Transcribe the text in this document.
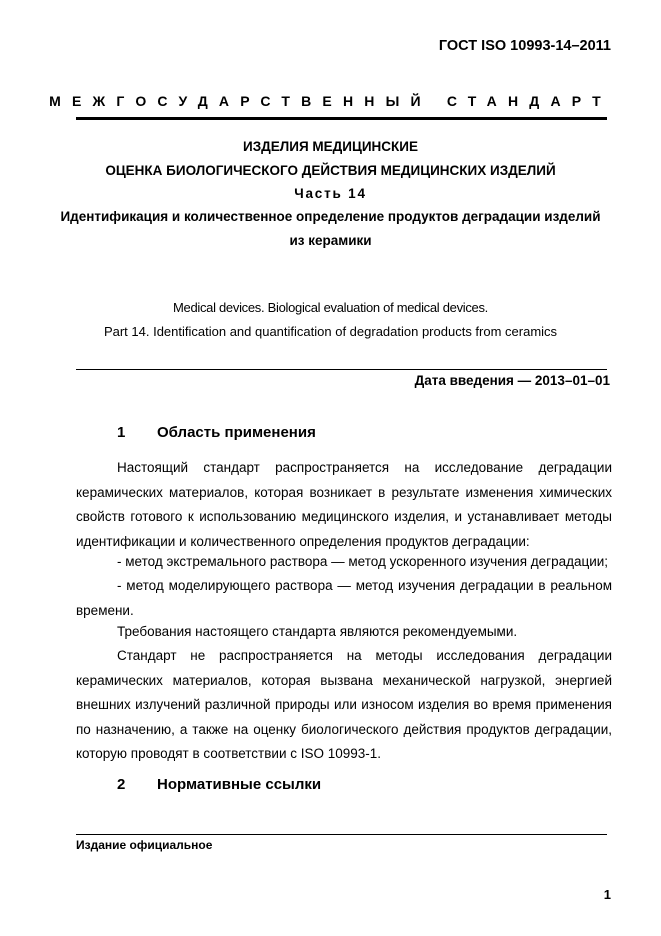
ГОСТ ISO 10993-14–2011
МЕЖГОСУДАРСТВЕННЫЙ СТАНДАРТ
ИЗДЕЛИЯ МЕДИЦИНСКИЕ
ОЦЕНКА БИОЛОГИЧЕСКОГО ДЕЙСТВИЯ МЕДИЦИНСКИХ ИЗДЕЛИЙ
Часть 14
Идентификация и количественное определение продуктов деградации изделий
из керамики
Medical devices. Biological evaluation of medical devices.
Part 14. Identification and quantification of degradation products from ceramics
Дата введения — 2013–01–01
1 Область применения
Настоящий стандарт распространяется на исследование деградации
керамических материалов, которая возникает в результате изменения химических
свойств готового к использованию медицинского изделия, и устанавливает методы
идентификации и количественного определения продуктов деградации:
- метод экстремального раствора — метод ускоренного изучения деградации;
- метод моделирующего раствора — метод изучения деградации в реальном
времени.
Требования настоящего стандарта являются рекомендуемыми.
Стандарт не распространяется на методы исследования деградации
керамических материалов, которая вызвана механической нагрузкой, энергией
внешних излучений различной природы или износом изделия во время применения
по назначению, а также на оценку биологического действия продуктов деградации,
которую проводят в соответствии с ISO 10993-1.
2 Нормативные ссылки
Издание официальное
1
